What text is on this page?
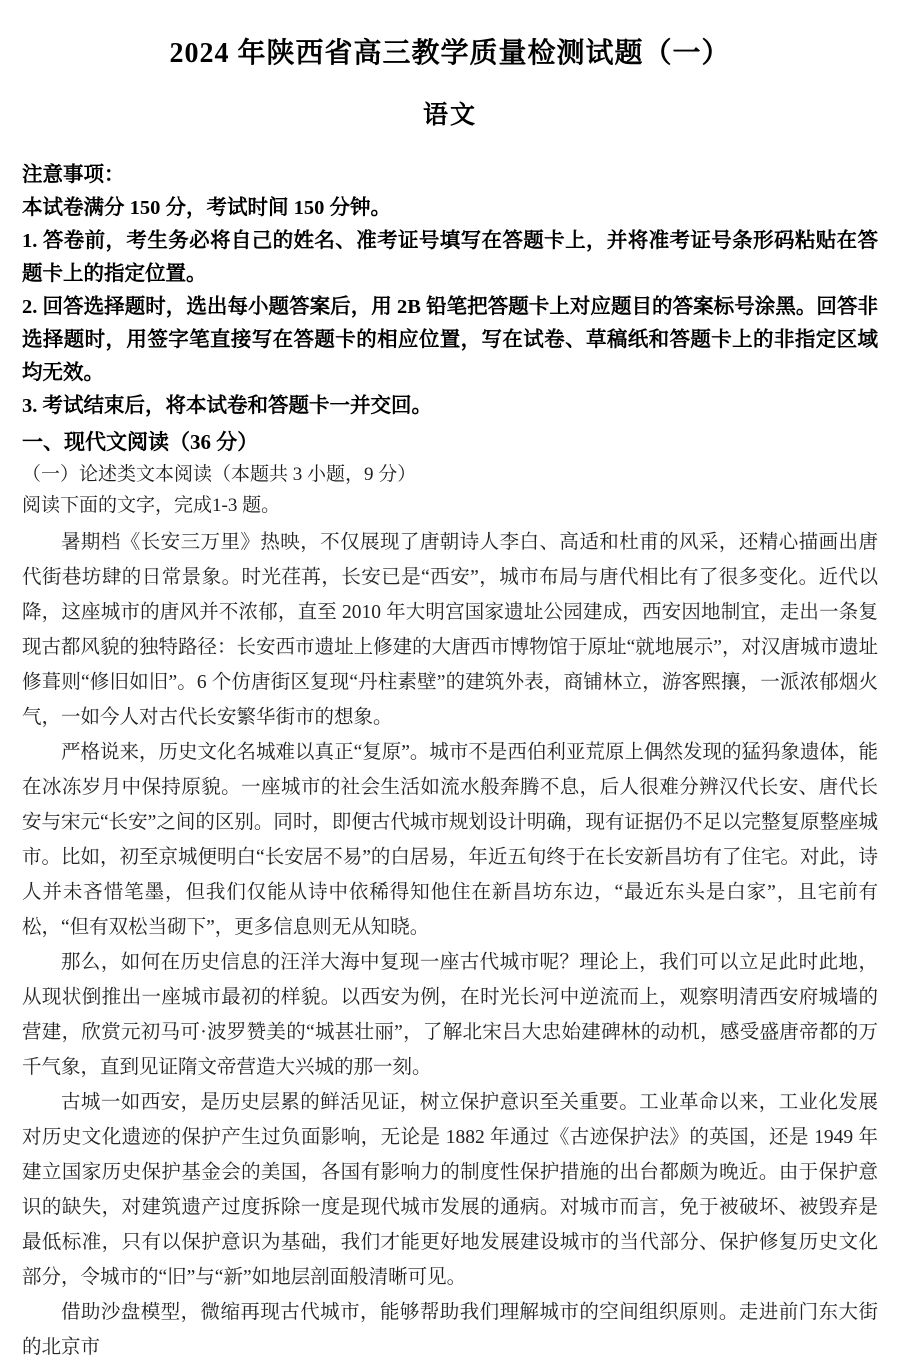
2024 年陕西省高三教学质量检测试题（一）
语文

注意事项：

本试卷满分 150 分，考试时间 150 分钟。

1. 答卷前，考生务必将自己的姓名、准考证号填写在答题卡上，并将准考证号条形码粘贴在答题卡上的指定位置。

2. 回答选择题时，选出每小题答案后，用 2B 铅笔把答题卡上对应题目的答案标号涂黑。回答非选择题时，用签字笔直接写在答题卡的相应位置，写在试卷、草稿纸和答题卡上的非指定区域均无效。

3. 考试结束后，将本试卷和答题卡一并交回。

一、现代文阅读（36 分）

（一）论述类文本阅读（本题共 3 小题，9 分）

阅读下面的文字，完成1-3 题。

暑期档《长安三万里》热映，不仅展现了唐朝诗人李白、高适和杜甫的风采，还精心描画出唐代街巷坊肆的日常景象。时光荏苒，长安已是“西安”，城市布局与唐代相比有了很多变化。近代以降，这座城市的唐风并不浓郁，直至 2010 年大明宫国家遗址公园建成，西安因地制宜，走出一条复现古都风貌的独特路径：长安西市遗址上修建的大唐西市博物馆于原址“就地展示”，对汉唐城市遗址修葺则“修旧如旧”。6 个仿唐街区复现“丹柱素壁”的建筑外表，商铺林立，游客熙攘，一派浓郁烟火气，一如今人对古代长安繁华街市的想象。

严格说来，历史文化名城难以真正“复原”。城市不是西伯利亚荒原上偶然发现的猛犸象遗体，能在冰冻岁月中保持原貌。一座城市的社会生活如流水般奔腾不息，后人很难分辨汉代长安、唐代长安与宋元“长安”之间的区别。同时，即便古代城市规划设计明确，现有证据仍不足以完整复原整座城市。比如，初至京城便明白“长安居不易”的白居易，年近五旬终于在长安新昌坊有了住宅。对此，诗人并未吝惜笔墨，但我们仅能从诗中依稀得知他住在新昌坊东边，“最近东头是白家”，且宅前有松，“但有双松当砌下”，更多信息则无从知晓。

那么，如何在历史信息的汪洋大海中复现一座古代城市呢？理论上，我们可以立足此时此地，从现状倒推出一座城市最初的样貌。以西安为例，在时光长河中逆流而上，观察明清西安府城墙的营建，欣赏元初马可·波罗赞美的“城甚壮丽”，了解北宋吕大忠始建碑林的动机，感受盛唐帝都的万千气象，直到见证隋文帝营造大兴城的那一刻。

古城一如西安，是历史层累的鲜活见证，树立保护意识至关重要。工业革命以来，工业化发展对历史文化遗迹的保护产生过负面影响，无论是 1882 年通过《古迹保护法》的英国，还是 1949 年建立国家历史保护基金会的美国，各国有影响力的制度性保护措施的出台都颇为晚近。由于保护意识的缺失，对建筑遗产过度拆除一度是现代城市发展的通病。对城市而言，免于被破坏、被毁弃是最低标准，只有以保护意识为基础，我们才能更好地发展建设城市的当代部分、保护修复历史文化部分，令城市的“旧”与“新”如地层剖面般清晰可见。

借助沙盘模型，微缩再现古代城市，能够帮助我们理解城市的空间组织原则。走进前门东大街的北京市
